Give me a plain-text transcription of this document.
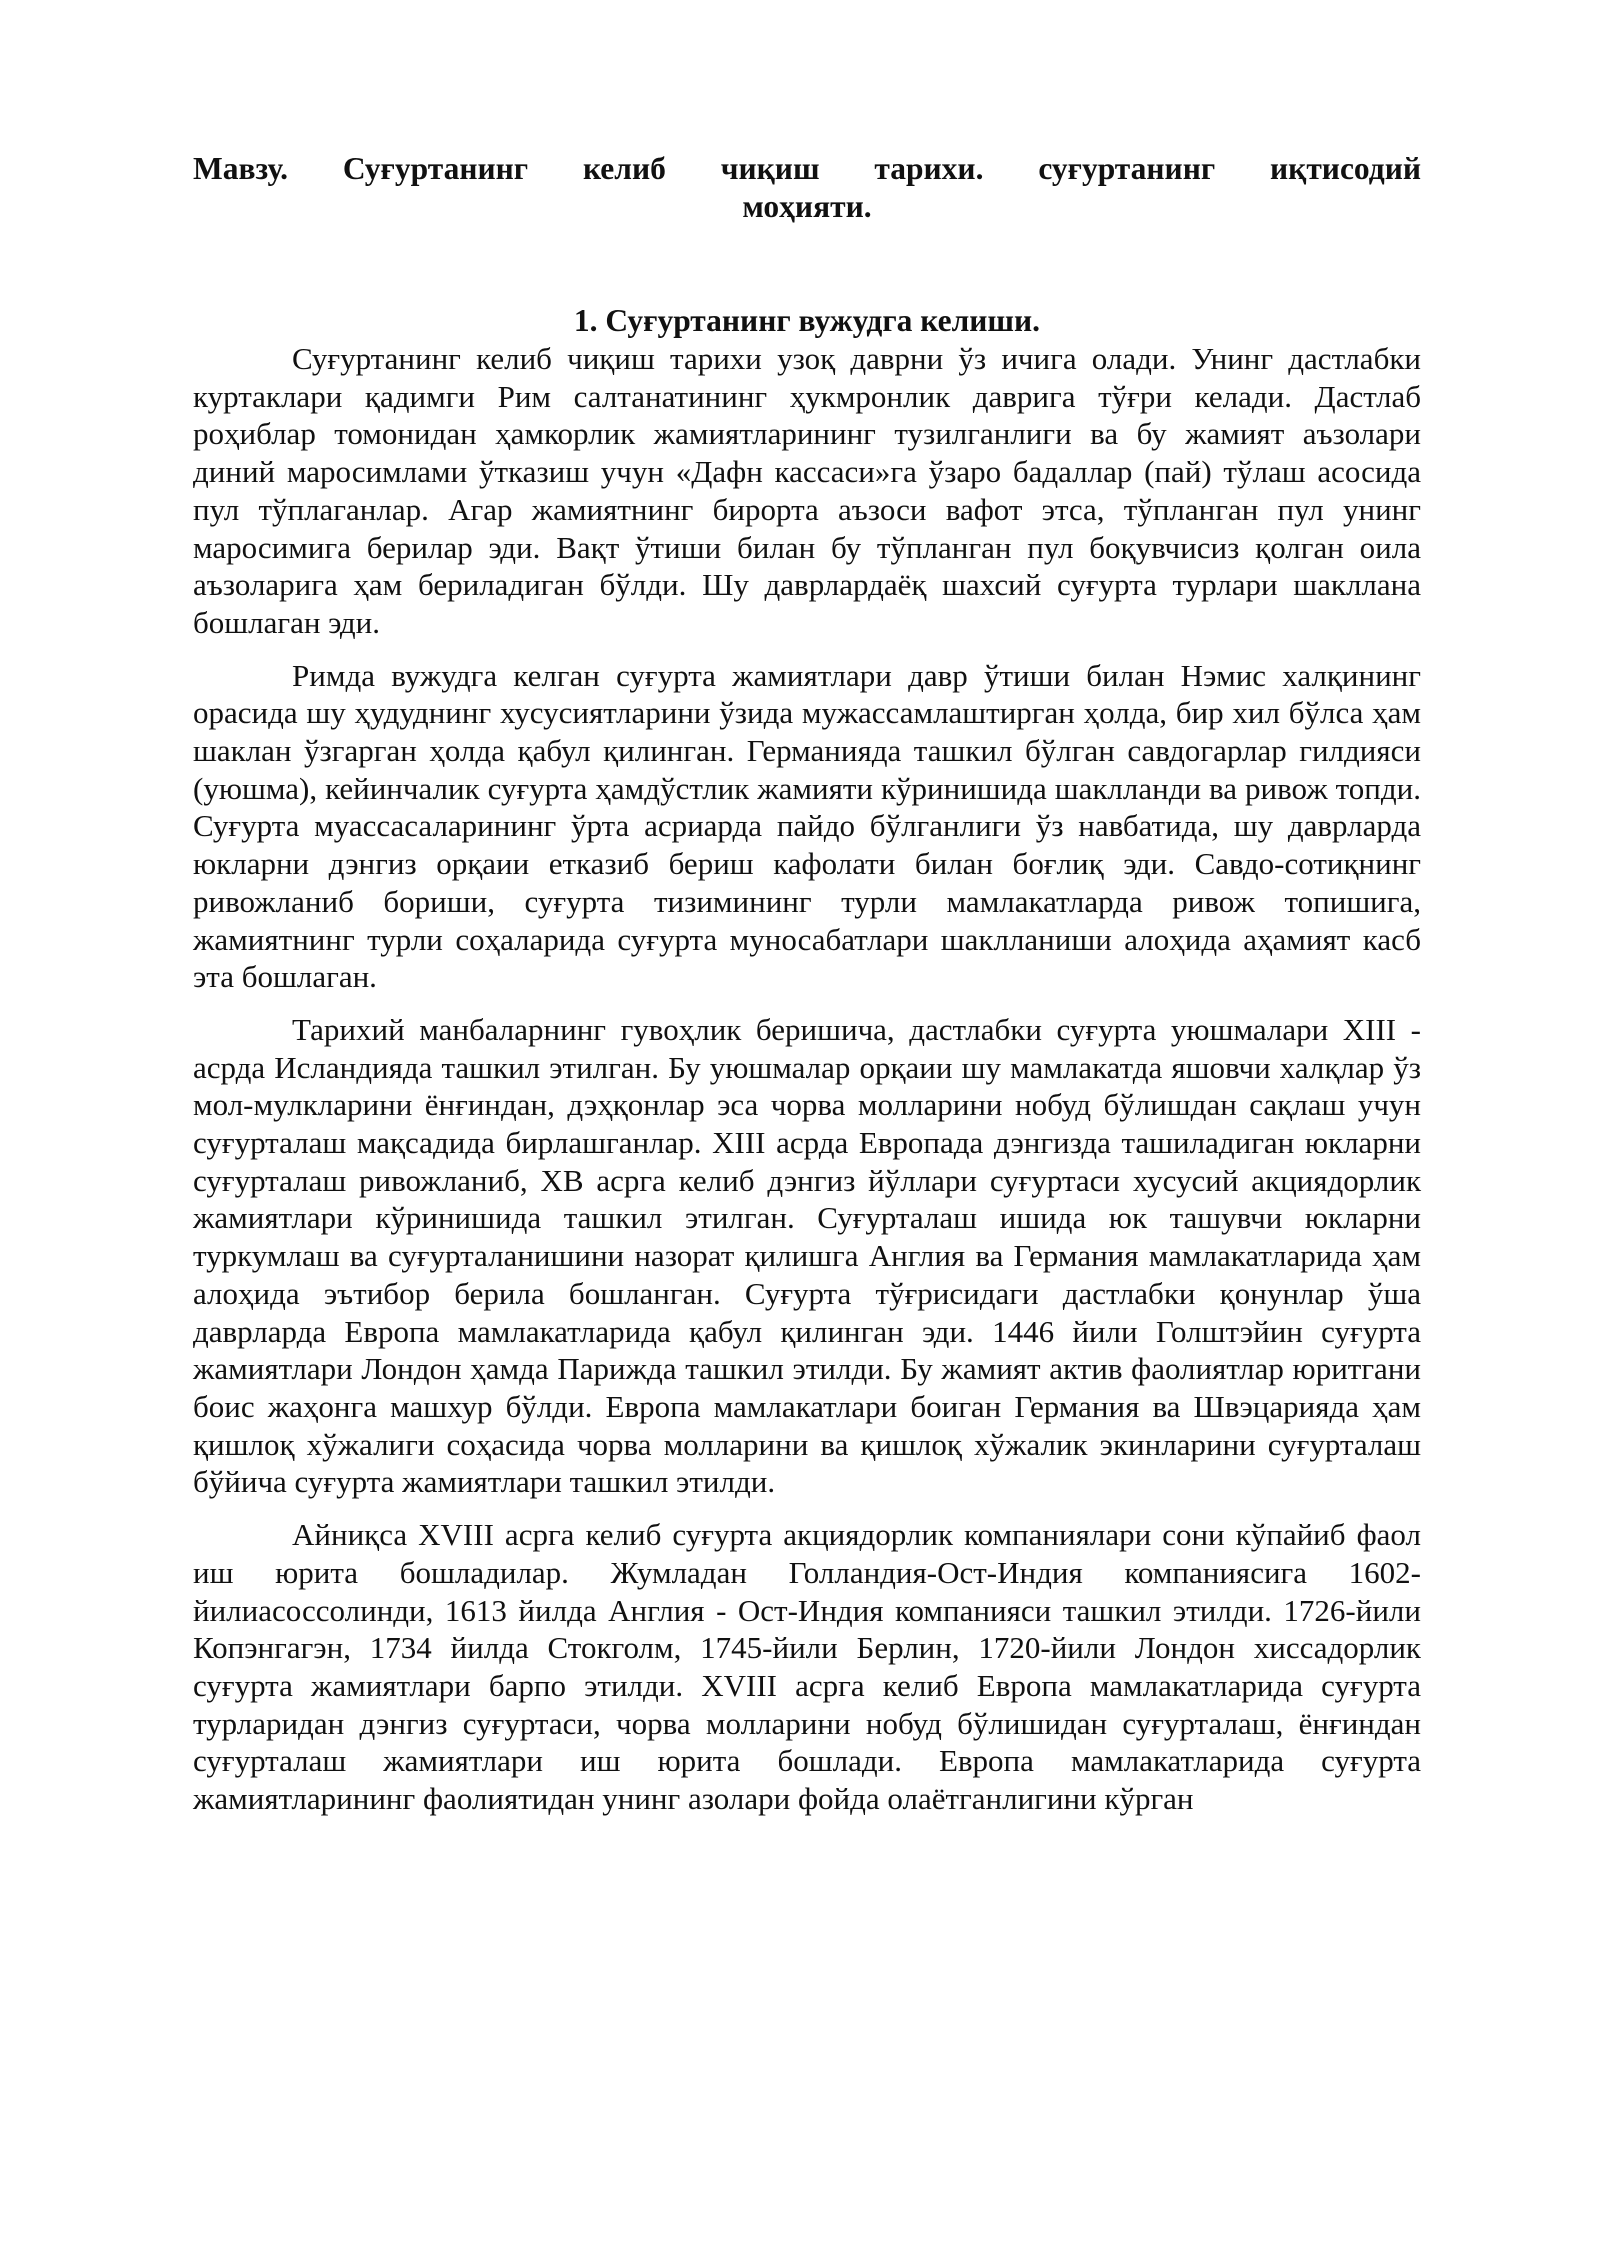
Мавзу. Суғуртанинг келиб чиқиш тарихи. суғуртанинг иқтисодий

моҳияти.

1. Суғуртанинг вужудга келиши.

Суғуртанинг келиб чиқиш тарихи узоқ даврни ўз ичига олади. Унинг дастлабки куртаклари қадимги Рим салтанатининг ҳукмронлик даврига тўғри келади. Дастлаб роҳиблар томонидан ҳамкорлик жамиятларининг тузилганлиги ва бу жамият аъзолари диний маросимлами ўтказиш учун «Дафн кассаси»га ўзаро бадаллар (пай) тўлаш асосида пул тўплаганлар. Агар жамиятнинг бирорта аъзоси вафот этса, тўпланган пул унинг маросимига берилар эди. Вақт ўтиши билан бу тўпланган пул боқувчисиз қолган оила аъзоларига ҳам бериладиган бўлди. Шу даврлардаёқ шахсий суғурта турлари шакллана бошлаган эди.

Римда вужудга келган суғурта жамиятлари давр ўтиши билан Нэмис халқининг орасида шу ҳудуднинг хусусиятларини ўзида мужассамлаштирган ҳолда, бир хил бўлса ҳам шаклан ўзгарган ҳолда қабул қилинган. Германияда ташкил бўлган савдогарлар гилдияси (уюшма), кейинчалик суғурта ҳамдўстлик жамияти кўринишида шаклланди ва ривож топди. Суғурта муассасаларининг ўрта асриарда пайдо бўлганлиги ўз навбатида, шу даврларда юкларни дэнгиз орқаии етказиб бериш кафолати билан боғлиқ эди. Савдо-сотиқнинг ривожланиб бориши, суғурта тизимининг турли мамлакатларда ривож топишига, жамиятнинг турли соҳаларида суғурта муносабатлари шаклланиши алоҳида аҳамият касб эта бошлаган.

Тарихий манбаларнинг гувоҳлик беришича, дастлабки суғурта уюшмалари XIII - асрда Исландияда ташкил этилган. Бу уюшмалар орқаии шу мамлакатда яшовчи халқлар ўз мол-мулкларини ёнғиндан, дэҳқонлар эса чорва молларини нобуд бўлишдан сақлаш учун суғурталаш мақсадида бирлашганлар. XIII асрда Европада дэнгизда ташиладиган юкларни суғурталаш ривожланиб, XB асрга келиб дэнгиз йўллари суғуртаси хусусий акциядорлик жамиятлари кўринишида ташкил этилган. Суғурталаш ишида юк ташувчи юкларни туркумлаш ва суғурталанишини назорат қилишга Англия ва Германия мамлакатларида ҳам алоҳида эътибор берила бошланган. Суғурта тўғрисидаги дастлабки қонунлар ўша даврларда Европа мамлакатларида қабул қилинган эди. 1446 йили Голштэйин суғурта жамиятлари Лондон ҳамда Парижда ташкил этилди. Бу жамият актив фаолиятлар юритгани боис жаҳонга машхур бўлди. Европа мамлакатлари боиган Германия ва Швэцарияда ҳам қишлоқ хўжалиги соҳасида чорва молларини ва қишлоқ хўжалик экинларини суғурталаш бўйича суғурта жамиятлари ташкил этилди.

Айниқса XVIII асрга келиб суғурта акциядорлик компаниялари сони кўпайиб фаол иш юрита бошладилар. Жумладан Голландия-Ост-Индия компаниясига 1602-йилиасоссолинди, 1613 йилда Англия - Ост-Индия компанияси ташкил этилди. 1726-йили Копэнгагэн, 1734 йилда Стокголм, 1745-йили Берлин, 1720-йили Лондон хиссадорлик суғурта жамиятлари барпо этилди. XVIII асрга келиб Европа мамлакатларида суғурта турларидан дэнгиз суғуртаси, чорва молларини нобуд бўлишидан суғурталаш, ёнғиндан суғурталаш жамиятлари иш юрита бошлади. Европа мамлакатларида суғурта жамиятларининг фаолиятидан унинг азолари фойда олаётганлигини кўрган
